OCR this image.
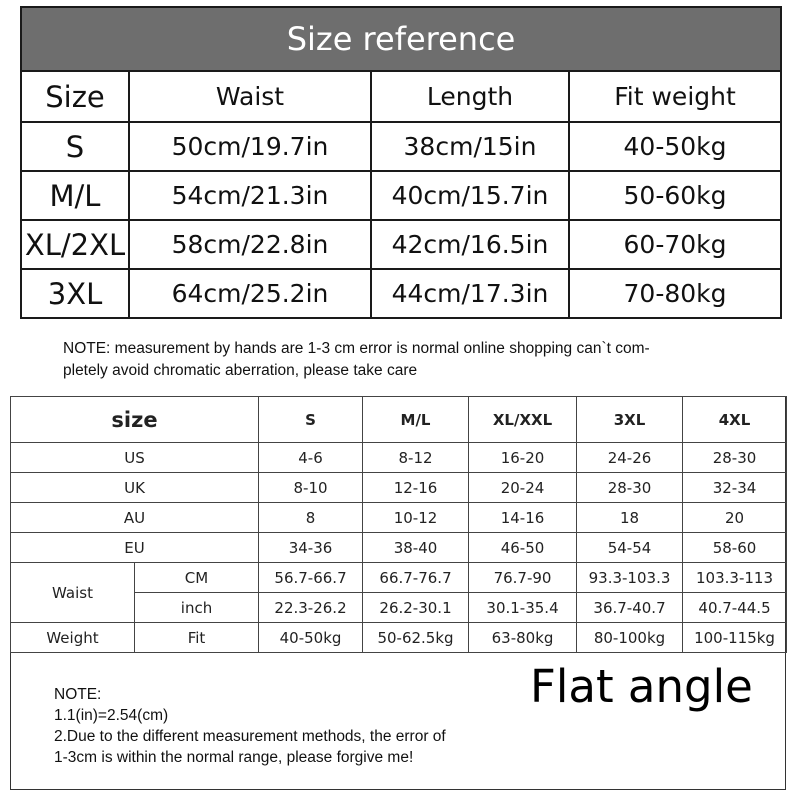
Size reference			
Size	Waist	Length	Fit weight
S	50cm/19.7in	38cm/15in	40-50kg
M/L	54cm/21.3in	40cm/15.7in	50-60kg
XL/2XL	58cm/22.8in	42cm/16.5in	60-70kg
3XL	64cm/25.2in	44cm/17.3in	70-80kg
NOTE: measurement by hands are 1-3 cm error is normal online shopping can`t com-
pletely avoid chromatic aberration, please take care
size		S	M/L	XL/XXL	3XL	4XL
US		4-6	8-12	16-20	24-26	28-30
UK		8-10	12-16	20-24	28-30	32-34
AU		8	10-12	14-16	18	20
EU		34-36	38-40	46-50	54-54	58-60
Waist	CM	56.7-66.7	66.7-76.7	76.7-90	93.3-103.3	103.3-113
	inch	22.3-26.2	26.2-30.1	30.1-35.4	36.7-40.7	40.7-44.5
Weight	Fit	40-50kg	50-62.5kg	63-80kg	80-100kg	100-115kg
NOTE:
1.1(in)=2.54(cm)
2.Due to the different measurement methods, the error of
1-3cm is within the normal range, please forgive me!
Flat angle
